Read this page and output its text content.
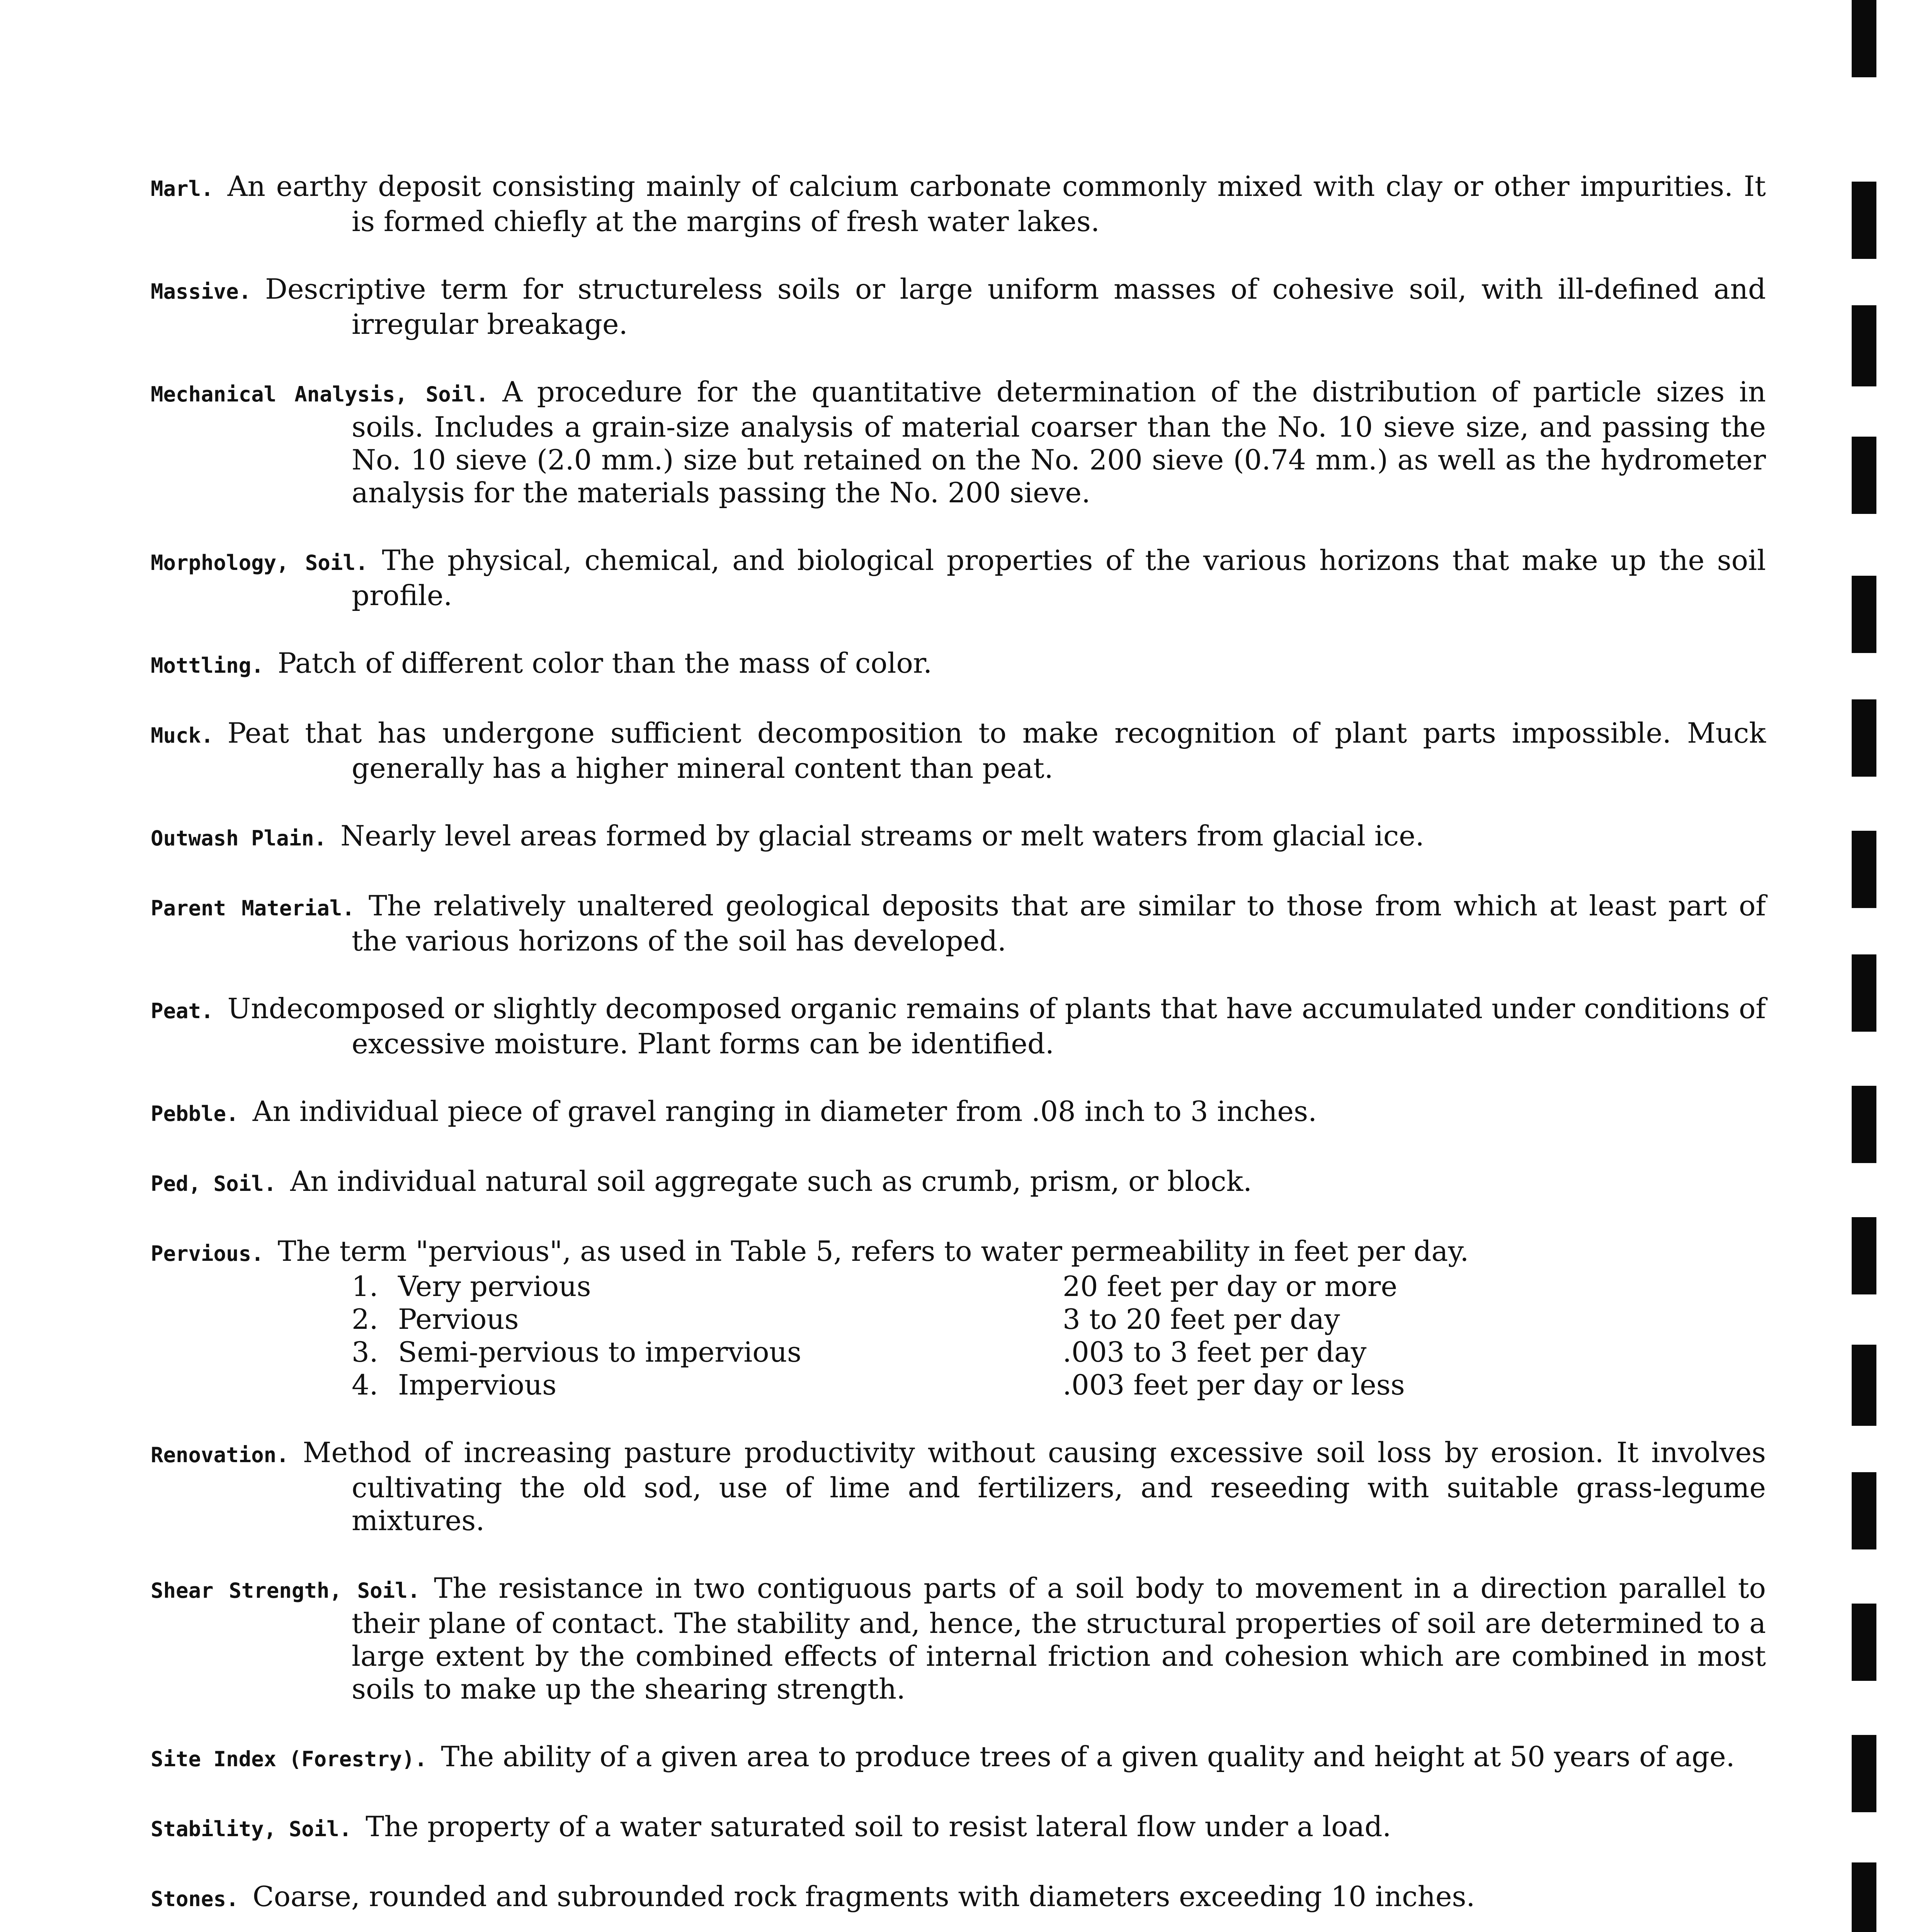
Marl. An earthy deposit consisting mainly of calcium carbonate commonly mixed with clay or other impurities. It is formed chiefly at the margins of fresh water lakes.

Massive. Descriptive term for structureless soils or large uniform masses of cohesive soil, with ill-defined and irregular breakage.

Mechanical Analysis, Soil. A procedure for the quantitative determination of the distribution of particle sizes in soils. Includes a grain-size analysis of material coarser than the No. 10 sieve size, and passing the No. 10 sieve (2.0 mm.) size but retained on the No. 200 sieve (0.74 mm.) as well as the hydrometer analysis for the materials passing the No. 200 sieve.

Morphology, Soil. The physical, chemical, and biological properties of the various horizons that make up the soil profile.

Mottling. Patch of different color than the mass of color.

Muck. Peat that has undergone sufficient decomposition to make recognition of plant parts impossible. Muck generally has a higher mineral content than peat.

Outwash Plain. Nearly level areas formed by glacial streams or melt waters from glacial ice.

Parent Material. The relatively unaltered geological deposits that are similar to those from which at least part of the various horizons of the soil has developed.

Peat. Undecomposed or slightly decomposed organic remains of plants that have accumulated under conditions of excessive moisture. Plant forms can be identified.

Pebble. An individual piece of gravel ranging in diameter from .08 inch to 3 inches.

Ped, Soil. An individual natural soil aggregate such as crumb, prism, or block.

Pervious. The term "pervious", as used in Table 5, refers to water permeability in feet per day.

1. Very pervious	20 feet per day or more
2. Pervious	3 to 20 feet per day
3. Semi-pervious to impervious	.003 to 3 feet per day
4. Impervious	.003 feet per day or less

Renovation. Method of increasing pasture productivity without causing excessive soil loss by erosion. It involves cultivating the old sod, use of lime and fertilizers, and reseeding with suitable grass-legume mixtures.

Shear Strength, Soil. The resistance in two contiguous parts of a soil body to movement in a direction parallel to their plane of contact. The stability and, hence, the structural properties of soil are determined to a large extent by the combined effects of internal friction and cohesion which are combined in most soils to make up the shearing strength.

Site Index (Forestry). The ability of a given area to produce trees of a given quality and height at 50 years of age.

Stability, Soil. The property of a water saturated soil to resist lateral flow under a load.

Stones. Coarse, rounded and subrounded rock fragments with diameters exceeding 10 inches.
